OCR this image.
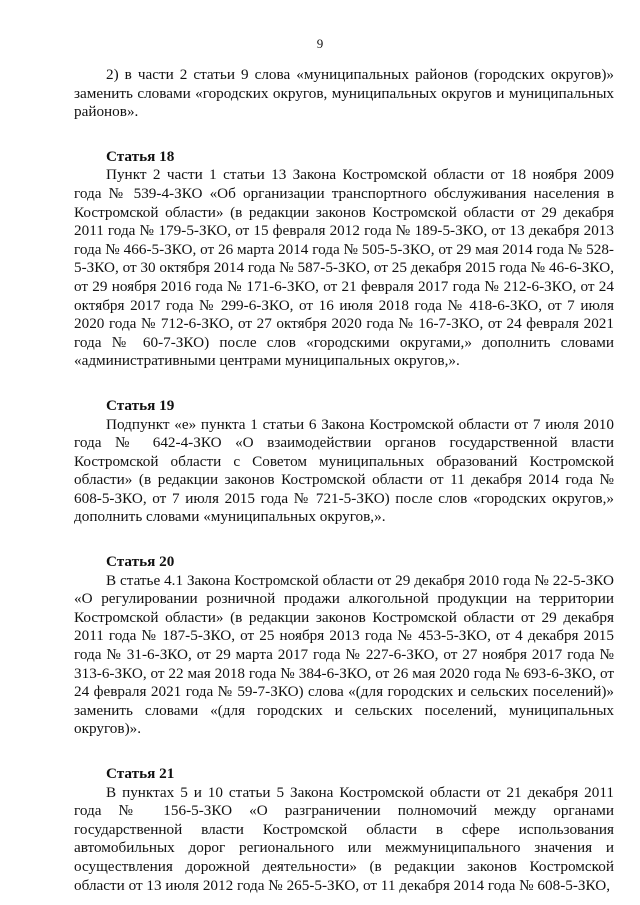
9

2) в части 2 статьи 9 слова «муниципальных районов (городских округов)» заменить словами «городских округов, муниципальных округов и муниципальных районов».

Статья 18

Пункт 2 части 1 статьи 13 Закона Костромской области от 18 ноября 2009 года № 539-4-ЗКО «Об организации транспортного обслуживания населения в Костромской области» (в редакции законов Костромской области от 29 декабря 2011 года № 179-5-ЗКО, от 15 февраля 2012 года № 189-5-ЗКО, от 13 декабря 2013 года № 466-5-ЗКО, от 26 марта 2014 года № 505-5-ЗКО, от 29 мая 2014 года № 528-5-ЗКО, от 30 октября 2014 года № 587-5-ЗКО, от 25 декабря 2015 года № 46-6-ЗКО, от 29 ноября 2016 года № 171-6-ЗКО, от 21 февраля 2017 года № 212-6-ЗКО, от 24 октября 2017 года № 299-6-ЗКО, от 16 июля 2018 года № 418-6-ЗКО, от 7 июля 2020 года № 712-6-ЗКО, от 27 октября 2020 года № 16-7-ЗКО, от 24 февраля 2021 года № 60-7-ЗКО) после слов «городскими округами,» дополнить словами «административными центрами муниципальных округов,».

Статья 19

Подпункт «е» пункта 1 статьи 6 Закона Костромской области от 7 июля 2010 года № 642-4-ЗКО «О взаимодействии органов государственной власти Костромской области с Советом муниципальных образований Костромской области» (в редакции законов Костромской области от 11 декабря 2014 года № 608-5-ЗКО, от 7 июля 2015 года № 721-5-ЗКО) после слов «городских округов,» дополнить словами «муниципальных округов,».

Статья 20

В статье 4.1 Закона Костромской области от 29 декабря 2010 года № 22-5-ЗКО «О регулировании розничной продажи алкогольной продукции на территории Костромской области» (в редакции законов Костромской области от 29 декабря 2011 года № 187-5-ЗКО, от 25 ноября 2013 года № 453-5-ЗКО, от 4 декабря 2015 года № 31-6-ЗКО, от 29 марта 2017 года № 227-6-ЗКО, от 27 ноября 2017 года № 313-6-ЗКО, от 22 мая 2018 года № 384-6-ЗКО, от 26 мая 2020 года № 693-6-ЗКО, от 24 февраля 2021 года № 59-7-ЗКО) слова «(для городских и сельских поселений)» заменить словами «(для городских и сельских поселений, муниципальных округов)».

Статья 21

В пунктах 5 и 10 статьи 5 Закона Костромской области от 21 декабря 2011 года № 156-5-ЗКО «О разграничении полномочий между органами государственной власти Костромской области в сфере использования автомобильных дорог регионального или межмуниципального значения и осуществления дорожной деятельности» (в редакции законов Костромской области от 13 июля 2012 года № 265-5-ЗКО, от 11 декабря 2014 года № 608-5-ЗКО,
